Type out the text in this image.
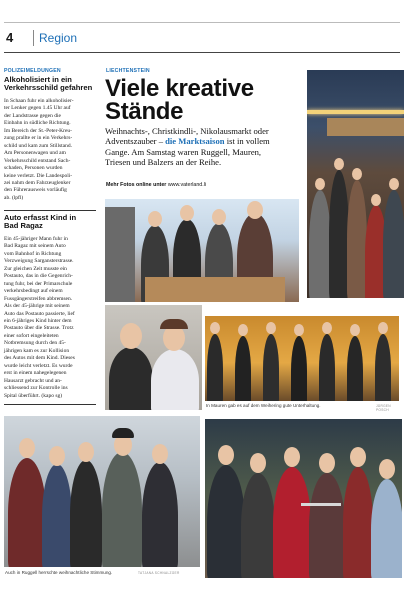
4 Region
POLIZEIMELDUNGEN
Alkoholisiert in ein
Verkehrsschild gefahren
In Schaan fuhr ein alkoholisier-
ter Lenker gegen 1.45 Uhr auf
der Landstrasse gegen die
Einbahn in südliche Richtung.
Im Bereich der St.-Peter-Kreu-
zung prallte er in ein Verkehrs-
schild und kam zum Stillstand.
Am Personenwagen und am
Verkehrsschild entstand Sach-
schaden, Personen wurden
keine verletzt. Die Landespoli-
zei nahm dem Fahrzeuglenker
den Führerausweis vorläufig
ab. (lpfl)
Auto erfasst Kind in
Bad Ragaz
Ein 45-jähriger Mann fuhr in
Bad Ragaz mit seinem Auto
vom Bahnhof in Richtung
Verzweigung Sargansterstrasse.
Zur gleichen Zeit musste ein
Postauto, das in die Gegenrich-
tung fuhr, bei der Primarschule
verkehrsbedingt auf einem
Fussgängerstreifen abbremsen.
Als der 45-jährige mit seinem
Auto das Postauto passierte, lief
ein 6-jähriges Kind hinter dem
Postauto über die Strasse. Trotz
einer sofort eingeleiteten
Notbremsung durch den 45-
jährigen kam es zur Kollision
des Autos mit dem Kind. Dieses
wurde leicht verletzt. Es wurde
erst in einem nahegelegenen
Hausarzt gebracht und an-
schliessend zur Kontrolle ins
Spital überführt. (kapo sg)
LIECHTENSTEIN
Viele kreative
Stände
Weihnachts-, Christkindli-, Nikolausmarkt oder
Adventszauber – die Marktsaison ist in vollem
Gange. Am Samstag waren Ruggell, Mauren,
Triesen und Balzers an der Reihe.
Mehr Fotos online unter www.vaterland.li
In Mauren gab es auf dem Weihering gute Unterhaltung.	JÜRGEN POSCH
Auch in Ruggell herrschte weihnachtliche Stimmung.	TATJANA SCHNALZGER
